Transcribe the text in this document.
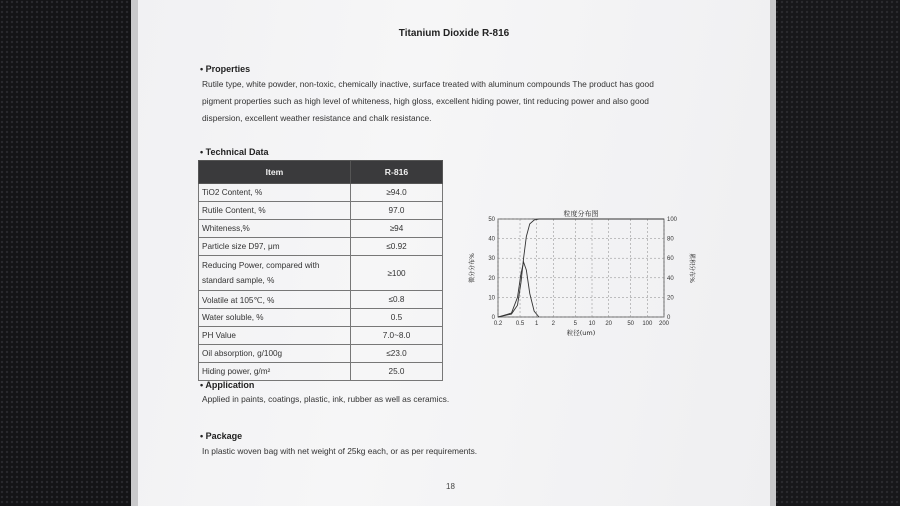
Titanium Dioxide R-816
• Properties
Rutile type, white powder, non-toxic, chemically inactive, surface treated with aluminum compounds The product has good
pigment properties such as high level of whiteness, high gloss, excellent hiding power, tint reducing power and also good
dispersion, excellent weather resistance and chalk resistance.
• Technical Data
Item	R-816
TiO2 Content, %	≥94.0
Rutile Content, %	97.0
Whiteness,%	≥94
Particle size D97, μm	≤0.92
Reducing Power, compared with standard sample, %	≥100
Volatile at 105℃, %	≤0.8
Water soluble, %	0.5
PH Value	7.0~8.0
Oil absorption, g/100g	≤23.0
Hiding power, g/m²	25.0
0.2 0.5 1 2	5 10 20	50 100 200
0
10
20
30
40
50
0
20
40
60
80
100
粒度分布图
粒径(um)
微分分布%	累积分布%
• Application
Applied in paints, coatings, plastic, ink, rubber as well as ceramics.
• Package
In plastic woven bag with net weight of 25kg each, or as per requirements.
18
